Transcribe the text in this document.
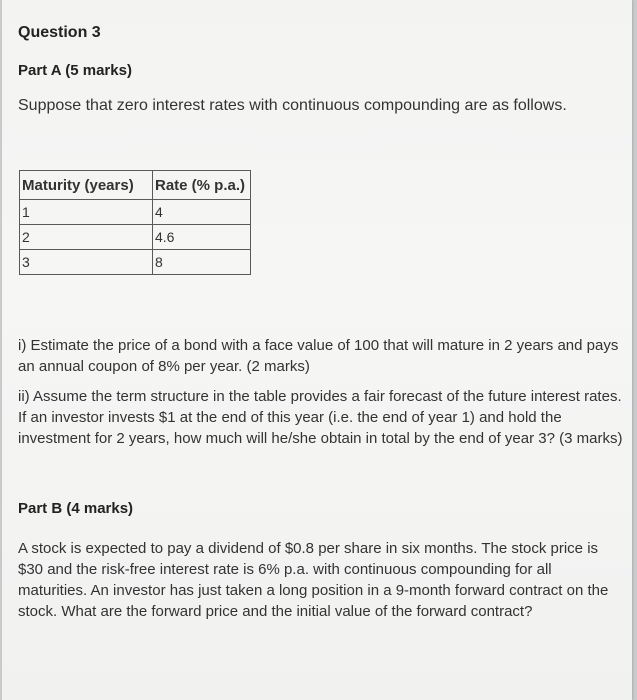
Question 3
Part A (5 marks)
Suppose that zero interest rates with continuous compounding are as follows.
Maturity (years)	Rate (% p.a.)
1	4
2	4.6
3	8
i) Estimate the price of a bond with a face value of 100 that will mature in 2 years and pays an annual coupon of 8% per year. (2 marks)
ii) Assume the term structure in the table provides a fair forecast of the future interest rates. If an investor invests $1 at the end of this year (i.e. the end of year 1) and hold the investment for 2 years, how much will he/she obtain in total by the end of year 3? (3 marks)
Part B (4 marks)
A stock is expected to pay a dividend of $0.8 per share in six months. The stock price is $30 and the risk-free interest rate is 6% p.a. with continuous compounding for all maturities. An investor has just taken a long position in a 9-month forward contract on the stock. What are the forward price and the initial value of the forward contract?
